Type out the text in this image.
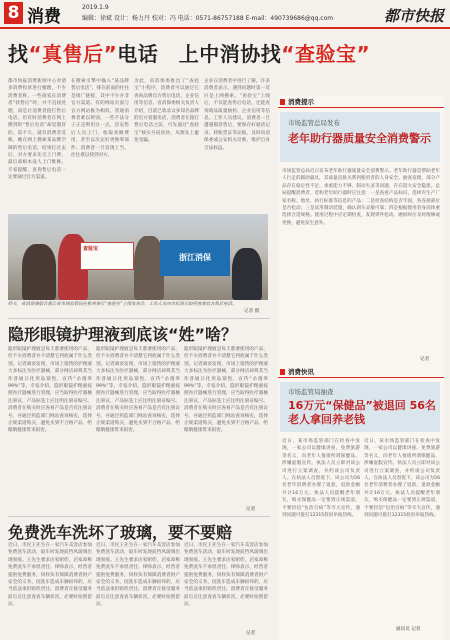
8 消费	2019.1.9
编辑：徐斌 设计：杨力丹 校对：冯 电话：0571-86757188 E-mail：490739686@qq.com	都市快报
找“真售后”电话　上中消协找“查验宝”
都市快报消费新闻中心对诸多消费投诉进行梳理，不少消费者称，一些商家在消费者“找售后”时，并不直接处理，而是让消费者拨打售后电话。但有时消费者在网上搜到的“售后电话”却是假冒的。前不久，就有消费者反映，她在网上搜索某品牌空调的售后电话，结果打过去后，对方要求先交上门费，最后却根本没人上门维修。专家提醒，查询售后电话一定要通过官方渠道。
在搜索引擎中输入“某品牌 售后电话”，排在前面的往往是推广链接，其中不少并非官方渠道。有的网站页面与官方网站极为相似，普通消费者难以辨别。一些不法分子正是利用这一点，冒充售后人员上门，收取高额费用，甚至以次充好更换零部件。消费者一旦发现上当，往往难以找到对方。
为此，省消保委推出了“查验宝”小程序，消费者可以通过它查询品牌官方售后电话、企业信用等信息。省消保委相关负责人介绍，目前已收录众多知名品牌的官方客服电话，消费者在拨打售后电话之前，可先通过“查验宝”核实号码真伪，从源头上避免受骗。
企业在消费者中进行了解，许多消费者表示，遇到问题时第一反应是上网搜索。“查验宝”上线后，不仅能查售后电话，还能查询商品质量抽检、企业信用等信息。工作人员建议，消费者一旦遭遇假冒售后，要保存好通话记录、转账凭证等证据，及时向消保委或公安机关反映，维护自身合法权益。
查验宝
浙江消保
昨天，省消保委联合浙江省市场监管局在杭州举行“查验宝”上线发布会，工作人员向市民演示如何查询官方售后电话。
记者 摄
隐形眼镜护理液到底该“姓”啥？
隐形眼镜护理液是每天都要使用的产品，但不少消费者并不清楚它到底属于什么类别。记者调查发现，市场上销售的护理液大多标注为医疗器械，部分网店却将其当作普通日化用品销售，宣传“杀菌率99%”等。专家介绍，隐形眼镜护理液按照医疗器械进行管理，应当取得医疗器械注册证，产品标签上应注明注册证编号。消费者在购买时应查看产品是否有注册证号，并通过药监部门网站查询核实，选择正规渠道购买，避免买到不合格产品，给眼睛健康带来损害。
隐形眼镜护理液是每天都要使用的产品，但不少消费者并不清楚它到底属于什么类别。记者调查发现，市场上销售的护理液大多标注为医疗器械，部分网店却将其当作普通日化用品销售，宣传“杀菌率99%”等。专家介绍，隐形眼镜护理液按照医疗器械进行管理，应当取得医疗器械注册证，产品标签上应注明注册证编号。消费者在购买时应查看产品是否有注册证号，并通过药监部门网站查询核实，选择正规渠道购买，避免买到不合格产品，给眼睛健康带来损害。
隐形眼镜护理液是每天都要使用的产品，但不少消费者并不清楚它到底属于什么类别。记者调查发现，市场上销售的护理液大多标注为医疗器械，部分网店却将其当作普通日化用品销售，宣传“杀菌率99%”等。专家介绍，隐形眼镜护理液按照医疗器械进行管理，应当取得医疗器械注册证，产品标签上应注明注册证编号。消费者在购买时应查看产品是否有注册证号，并通过药监部门网站查询核实，选择正规渠道购买，避免买到不合格产品，给眼睛健康带来损害。
记者
免费洗车洗坏了玻璃，要不要赔
近日，市民王先生在一家汽车美容店参加免费洗车活动，取车时发现前挡风玻璃出现划痕。王先生要求店家赔偿，店家却称免费洗车不承担责任。律师表示，经营者提供免费服务，同样负有保障消费者财产安全的义务，因洗车造成车辆损坏的，应当依法承担赔偿责任。消费者在接受服务前后应注意查看车辆状况，必要时拍照留证。
近日，市民王先生在一家汽车美容店参加免费洗车活动，取车时发现前挡风玻璃出现划痕。王先生要求店家赔偿，店家却称免费洗车不承担责任。律师表示，经营者提供免费服务，同样负有保障消费者财产安全的义务，因洗车造成车辆损坏的，应当依法承担赔偿责任。消费者在接受服务前后应注意查看车辆状况，必要时拍照留证。
近日，市民王先生在一家汽车美容店参加免费洗车活动，取车时发现前挡风玻璃出现划痕。王先生要求店家赔偿，店家却称免费洗车不承担责任。律师表示，经营者提供免费服务，同样负有保障消费者财产安全的义务，因洗车造成车辆损坏的，应当依法承担赔偿责任。消费者在接受服务前后应注意查看车辆状况，必要时拍照留证。
记者
消费提示
市场监管总局发布
老年助行器质量安全消费警示
市场监管总局近日发布老年助行器质量安全消费警示。老年助行器是帮助老年人行走的辅助器具，其质量直接关系到使用者的人身安全。抽查发现，部分产品存在稳定性不足、承重能力不够、制动失灵等问题，存在较大安全隐患。总局提醒消费者，选购老年助行器时应注意：一是查看产品标识，选择有生产厂家名称、地址、执行标准等信息的产品；二是检查结构是否牢固，各连接部位是否松动；三是试用制动装置，确认刹车灵敏可靠；四是根据使用者身高体重选择合适规格。使用过程中应定期检查，发现零件松动、磨损时应及时维修或更换，避免发生意外。
记者
消费快讯
市场监管局抽查
16万元“保健品”被退回 56名老人拿回养老钱
近日，某市场监管部门在检查中发现，一家公司以健康讲座、免费旅游等名义，向老年人推销所谓保健品，涉嫌虚假宣传。执法人员立即对该公司进行立案调查，并约谈公司负责人。在执法人员督促下，该公司为56名老年消费者办理了退款，退款金额共计16万元。执法人员提醒老年朋友，购买保健品一定要到正规渠道，不要轻信“包治百病”等夸大宣传，遇到问题可拨打12315投诉举报热线。
近日，某市场监管部门在检查中发现，一家公司以健康讲座、免费旅游等名义，向老年人推销所谓保健品，涉嫌虚假宣传。执法人员立即对该公司进行立案调查，并约谈公司负责人。在执法人员督促下，该公司为56名老年消费者办理了退款，退款金额共计16万元。执法人员提醒老年朋友，购买保健品一定要到正规渠道，不要轻信“包治百病”等夸大宣传，遇到问题可拨打12315投诉举报热线。
通讯员 记者
